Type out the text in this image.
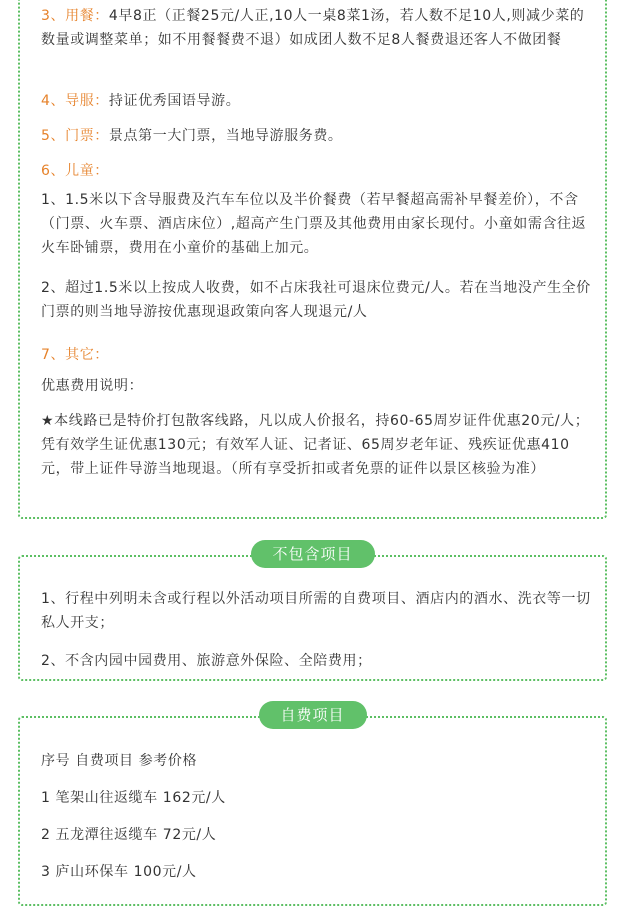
3、用餐：4早8正（正餐25元/人正,10人一桌8菜1汤，若人数不足10人,则减少菜的数量或调整菜单；如不用餐餐费不退）如成团人数不足8人餐费退还客人不做团餐

4、导服：持证优秀国语导游。

5、门票：景点第一大门票，当地导游服务费。

6、儿童：

1、1.5米以下含导服费及汽车车位以及半价餐费（若早餐超高需补早餐差价），不含（门票、火车票、酒店床位）,超高产生门票及其他费用由家长现付。小童如需含往返火车卧铺票，费用在小童价的基础上加元。

2、超过1.5米以上按成人收费，如不占床我社可退床位费元/人。若在当地没产生全价门票的则当地导游按优惠现退政策向客人现退元/人

7、其它：

优惠费用说明：

★本线路已是特价打包散客线路，凡以成人价报名，持60-65周岁证件优惠20元/人；凭有效学生证优惠130元；有效军人证、记者证、65周岁老年证、残疾证优惠410元，带上证件导游当地现退。（所有享受折扣或者免票的证件以景区核验为准）

不包含项目

1、行程中列明未含或行程以外活动项目所需的自费项目、酒店内的酒水、洗衣等一切私人开支；

2、不含内园中园费用、旅游意外保险、全陪费用；

自费项目

序号 自费项目 参考价格

1 笔架山往返缆车 162元/人

2 五龙潭往返缆车 72元/人

3 庐山环保车 100元/人
